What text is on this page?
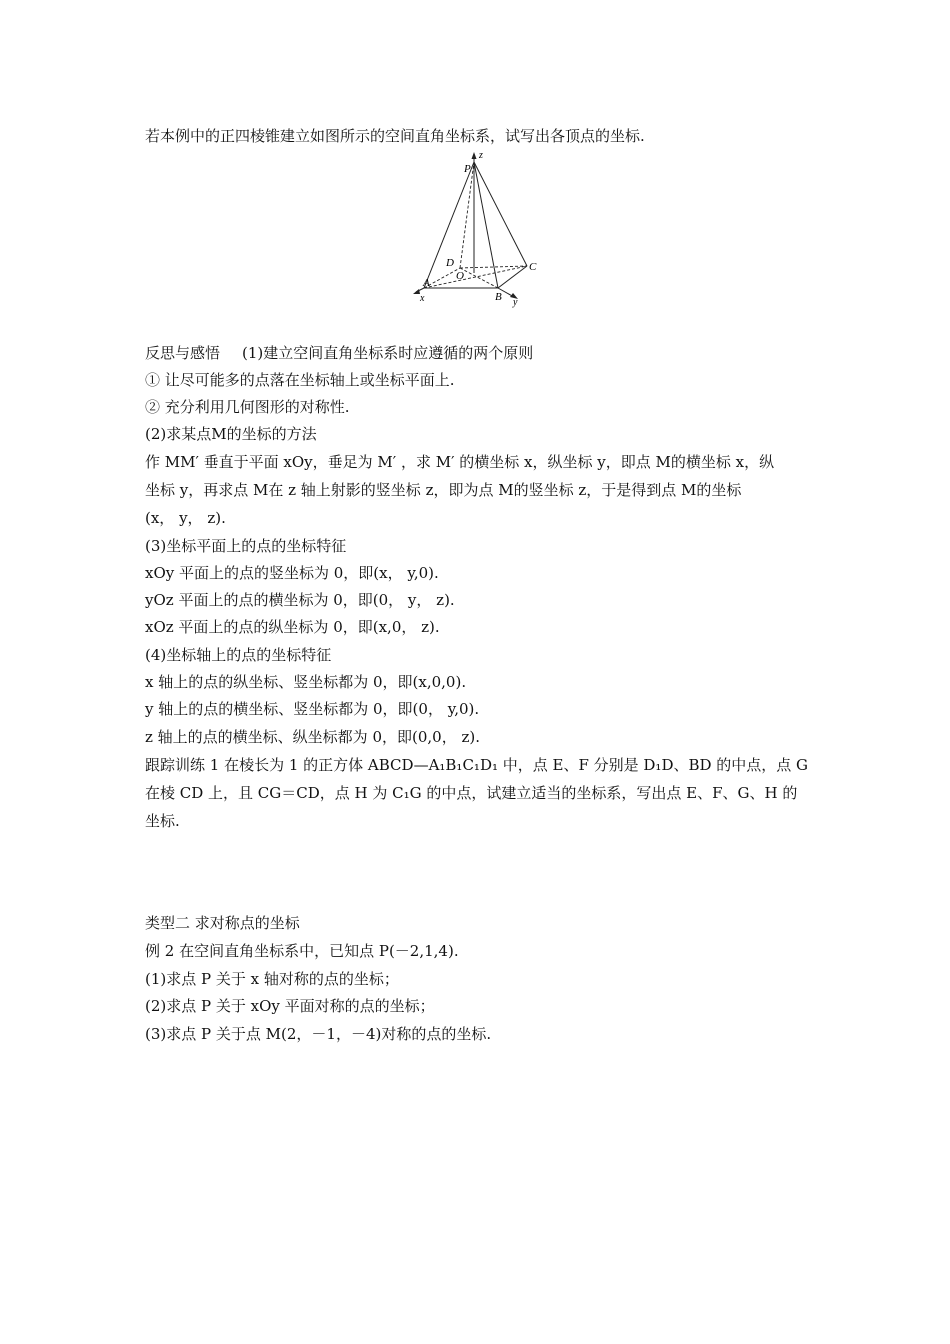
若本例中的正四棱锥建立如图所示的空间直角坐标系，试写出各顶点的坐标.
z
P
D
O
C
A
B
x	y
反思与感悟 (1)建立空间直角坐标系时应遵循的两个原则
① 让尽可能多的点落在坐标轴上或坐标平面上.
② 充分利用几何图形的对称性.
(2)求某点M的坐标的方法
作 MM′ 垂直于平面 xOy，垂足为 M′ ，求 M′ 的横坐标 x，纵坐标 y，即点 M的横坐标 x，纵
坐标 y，再求点 M在 z 轴上射影的竖坐标 z，即为点 M的竖坐标 z，于是得到点 M的坐标
(x， y， z).
(3)坐标平面上的点的坐标特征
xOy 平面上的点的竖坐标为 0，即(x， y,0).
yOz 平面上的点的横坐标为 0，即(0， y， z).
xOz 平面上的点的纵坐标为 0，即(x,0， z).
(4)坐标轴上的点的坐标特征
x 轴上的点的纵坐标、竖坐标都为 0，即(x,0,0).
y 轴上的点的横坐标、竖坐标都为 0，即(0， y,0).
z 轴上的点的横坐标、纵坐标都为 0，即(0,0， z).
跟踪训练 1 在棱长为 1 的正方体 ABCD—A₁B₁C₁D₁ 中，点 E、F 分别是 D₁D、BD 的中点，点 G
在棱 CD 上，且 CG＝CD，点 H 为 C₁G 的中点，试建立适当的坐标系，写出点 E、F、G、H 的
坐标.
类型二 求对称点的坐标
例 2 在空间直角坐标系中，已知点 P(－2,1,4).
(1)求点 P 关于 x 轴对称的点的坐标；
(2)求点 P 关于 xOy 平面对称的点的坐标；
(3)求点 P 关于点 M(2，－1，－4)对称的点的坐标.
